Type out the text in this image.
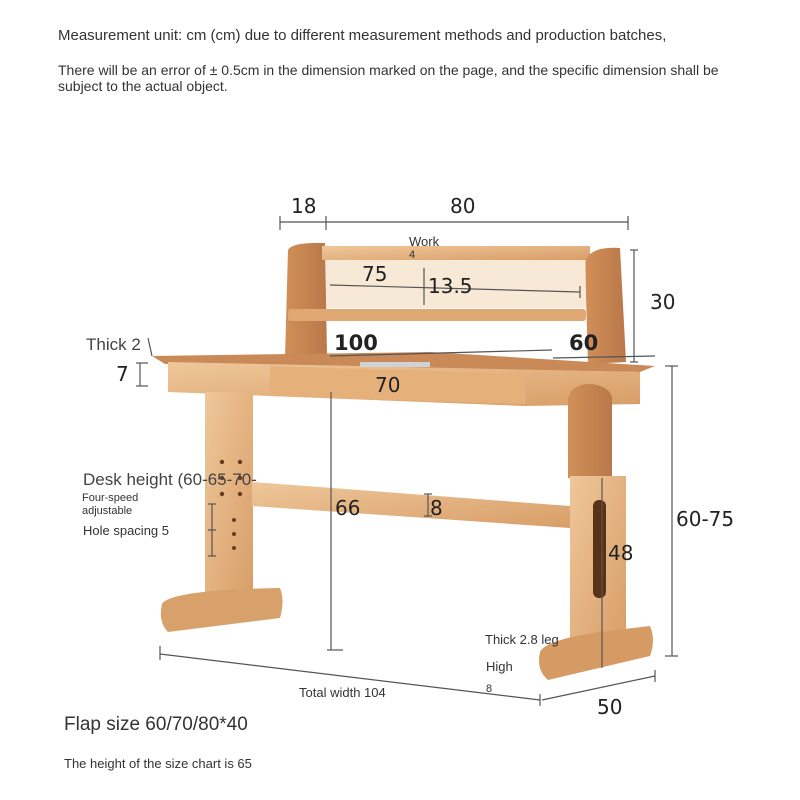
Measurement unit: cm (cm) due to different measurement methods and production batches,
There will be an error of ± 0.5cm in the dimension marked on the page, and the specific dimension shall be subject to the actual object.
18	80
Work
4
75 13.5
30
Thick 2	100	60
7	70
Desk height (60-65-70-
Four-speed
adjustable
Hole spacing 5
66	8	60-75
48
Thick 2.8 leg
High
8
Total width 104
50
Flap size 60/70/80*40
The height of the size chart is 65
